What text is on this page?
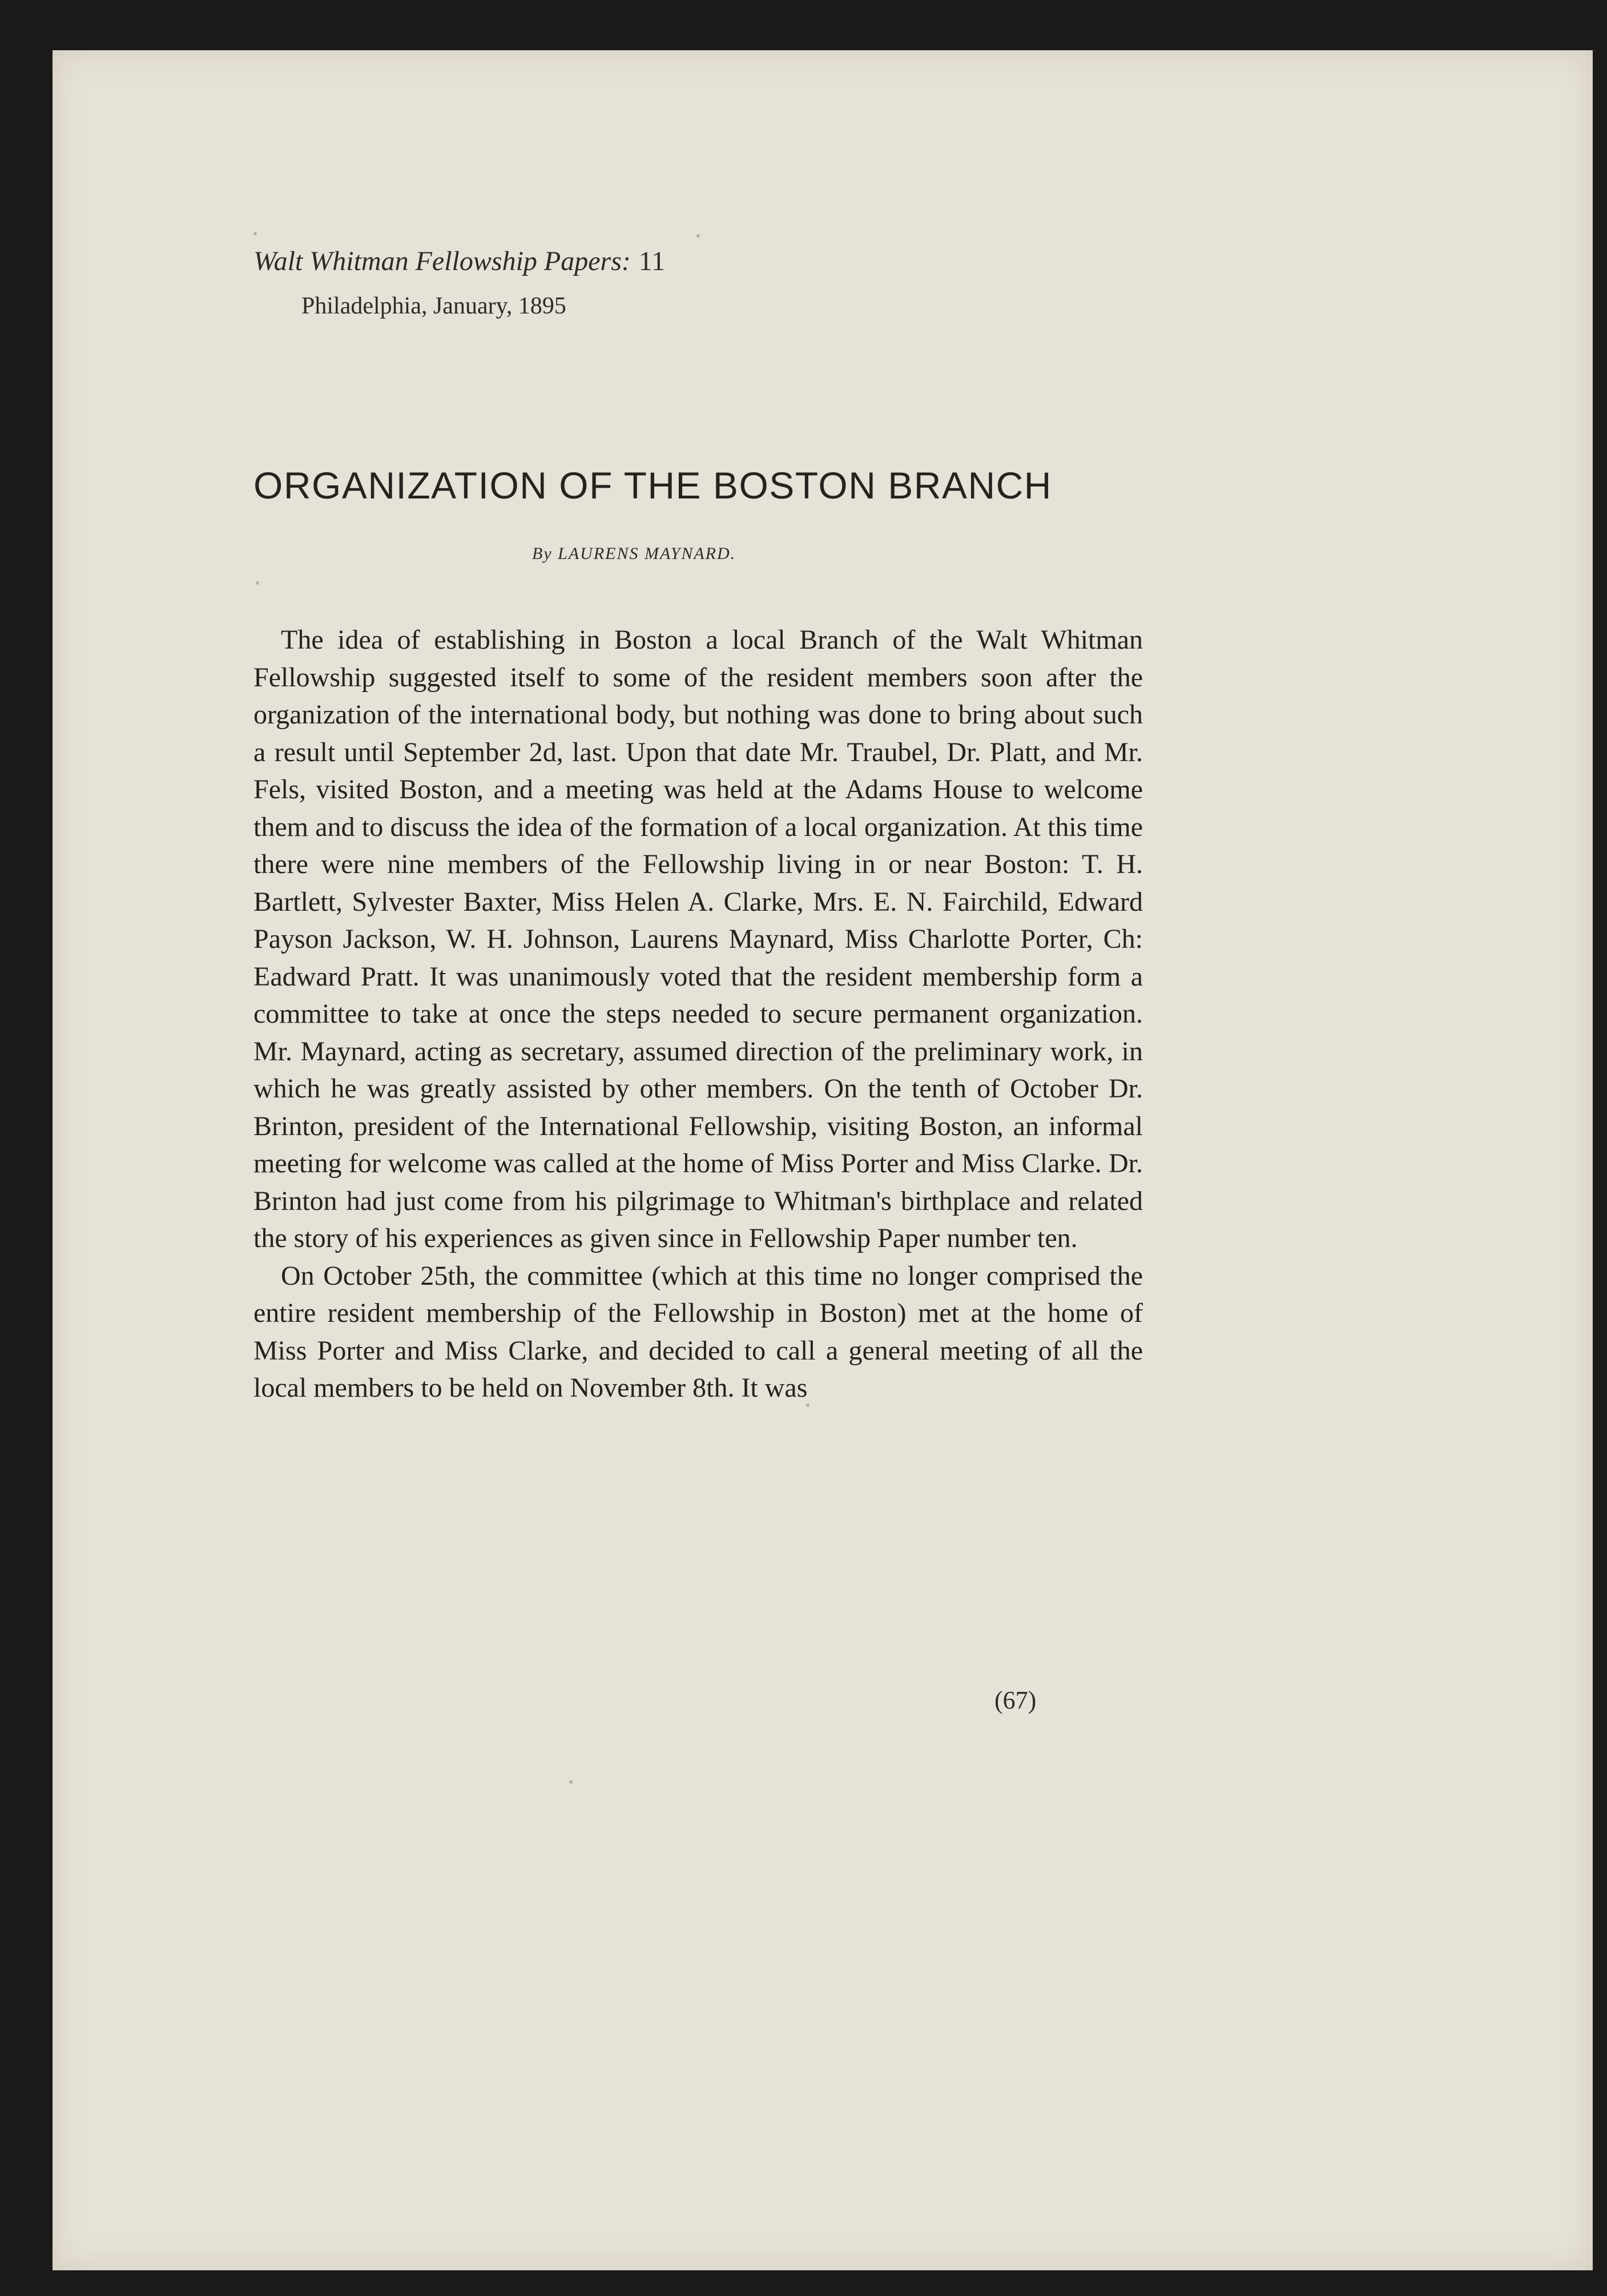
Walt Whitman Fellowship Papers: 11
Philadelphia, January, 1895
ORGANIZATION OF THE BOSTON BRANCH
By LAURENS MAYNARD.

The idea of establishing in Boston a local Branch of the Walt Whitman Fellowship suggested itself to some of the resident members soon after the organization of the international body, but nothing was done to bring about such a result until September 2d, last. Upon that date Mr. Traubel, Dr. Platt, and Mr. Fels, visited Boston, and a meeting was held at the Adams House to welcome them and to discuss the idea of the formation of a local organization. At this time there were nine members of the Fellowship living in or near Boston: T. H. Bartlett, Sylvester Baxter, Miss Helen A. Clarke, Mrs. E. N. Fairchild, Edward Payson Jackson, W. H. Johnson, Laurens Maynard, Miss Charlotte Porter, Ch: Eadward Pratt. It was unanimously voted that the resident membership form a committee to take at once the steps needed to secure permanent organization. Mr. Maynard, acting as secretary, assumed direction of the preliminary work, in which he was greatly assisted by other members. On the tenth of October Dr. Brinton, president of the International Fellowship, visiting Boston, an informal meeting for welcome was called at the home of Miss Porter and Miss Clarke. Dr. Brinton had just come from his pilgrimage to Whitman's birthplace and related the story of his experiences as given since in Fellowship Paper number ten.

On October 25th, the committee (which at this time no longer comprised the entire resident membership of the Fellowship in Boston) met at the home of Miss Porter and Miss Clarke, and decided to call a general meeting of all the local members to be held on November 8th. It was

(67)
